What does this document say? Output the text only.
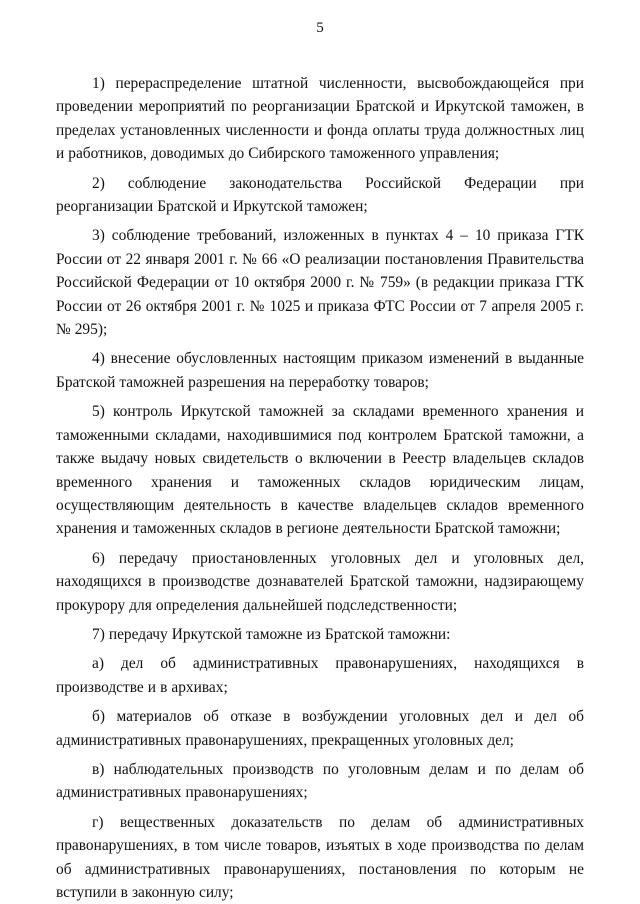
5

1) перераспределение штатной численности, высвобождающейся при проведении мероприятий по реорганизации Братской и Иркутской таможен, в пределах установленных численности и фонда оплаты труда должностных лиц и работников, доводимых до Сибирского таможенного управления;

2) соблюдение законодательства Российской Федерации при реорганизации Братской и Иркутской таможен;

3) соблюдение требований, изложенных в пунктах 4 – 10 приказа ГТК России от 22 января 2001 г. № 66 «О реализации постановления Правительства Российской Федерации от 10 октября 2000 г. № 759» (в редакции приказа ГТК России от 26 октября 2001 г. № 1025 и приказа ФТС России от 7 апреля 2005 г. № 295);

4) внесение обусловленных настоящим приказом изменений в выданные Братской таможней разрешения на переработку товаров;

5) контроль Иркутской таможней за складами временного хранения и таможенными складами, находившимися под контролем Братской таможни, а также выдачу новых свидетельств о включении в Реестр владельцев складов временного хранения и таможенных складов юридическим лицам, осуществляющим деятельность в качестве владельцев складов временного хранения и таможенных складов в регионе деятельности Братской таможни;

6) передачу приостановленных уголовных дел и уголовных дел, находящихся в производстве дознавателей Братской таможни, надзирающему прокурору для определения дальнейшей подследственности;

7) передачу Иркутской таможне из Братской таможни:

а) дел об административных правонарушениях, находящихся в производстве и в архивах;

б) материалов об отказе в возбуждении уголовных дел и дел об административных правонарушениях, прекращенных уголовных дел;

в) наблюдательных производств по уголовным делам и по делам об административных правонарушениях;

г) вещественных доказательств по делам об административных правонарушениях, в том числе товаров, изъятых в ходе производства по делам об административных правонарушениях, постановления по которым не вступили в законную силу;
